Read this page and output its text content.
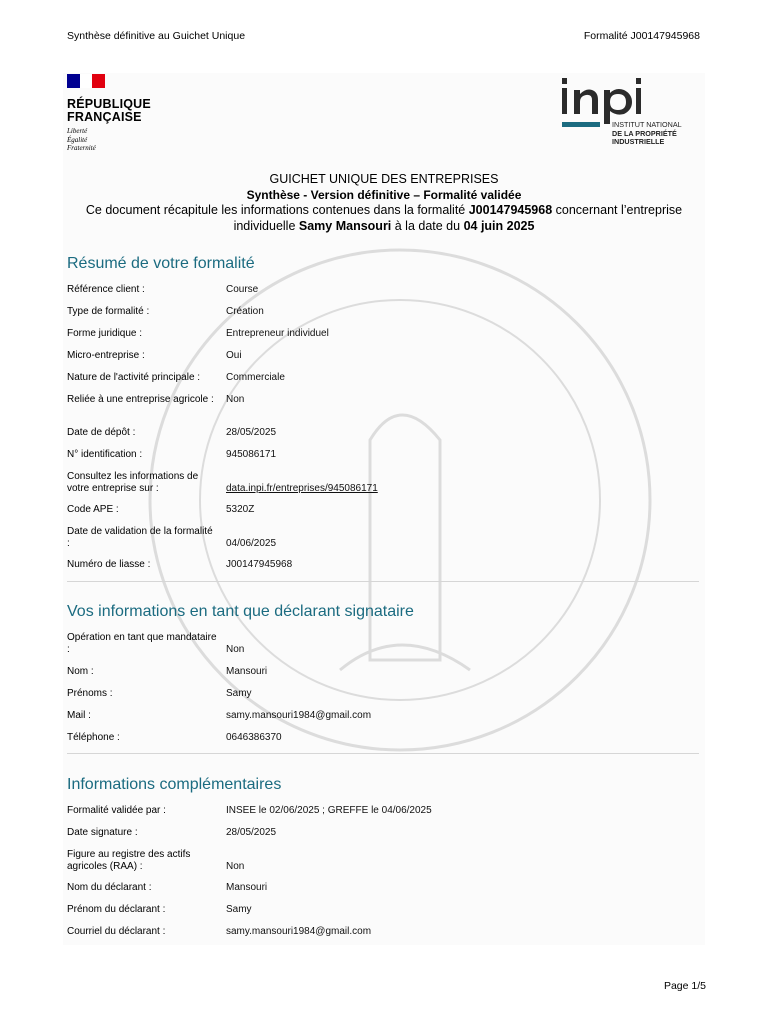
Synthèse définitive au Guichet Unique	Formalité J00147945968
RÉPUBLIQUE
FRANÇAISE
Liberté
Égalité
Fraternité
INSTITUT NATIONAL
DE LA PROPRIÉTÉ
INDUSTRIELLE
GUICHET UNIQUE DES ENTREPRISES
Synthèse - Version définitive – Formalité validée
Ce document récapitule les informations contenues dans la formalité J00147945968 concernant l’entreprise
individuelle Samy Mansouri à la date du 04 juin 2025
Résumé de votre formalité
Référence client :	Course
Type de formalité :	Création
Forme juridique :	Entrepreneur individuel
Micro-entreprise :	Oui
Nature de l'activité principale :	Commerciale
Reliée à une entreprise agricole :	Non
Date de dépôt :	28/05/2025
N° identification :	945086171
Consultez les informations de votre entreprise sur :	data.inpi.fr/entreprises/945086171
Code APE :	5320Z
Date de validation de la formalité :	04/06/2025
Numéro de liasse :	J00147945968
Vos informations en tant que déclarant signataire
Opération en tant que mandataire :	Non
Nom :	Mansouri
Prénoms :	Samy
Mail :	samy.mansouri1984@gmail.com
Téléphone :	0646386370
Informations complémentaires
Formalité validée par :	INSEE le 02/06/2025 ; GREFFE le 04/06/2025
Date signature :	28/05/2025
Figure au registre des actifs agricoles (RAA) :	Non
Nom du déclarant :	Mansouri
Prénom du déclarant :	Samy
Courriel du déclarant :	samy.mansouri1984@gmail.com
Page 1/5
